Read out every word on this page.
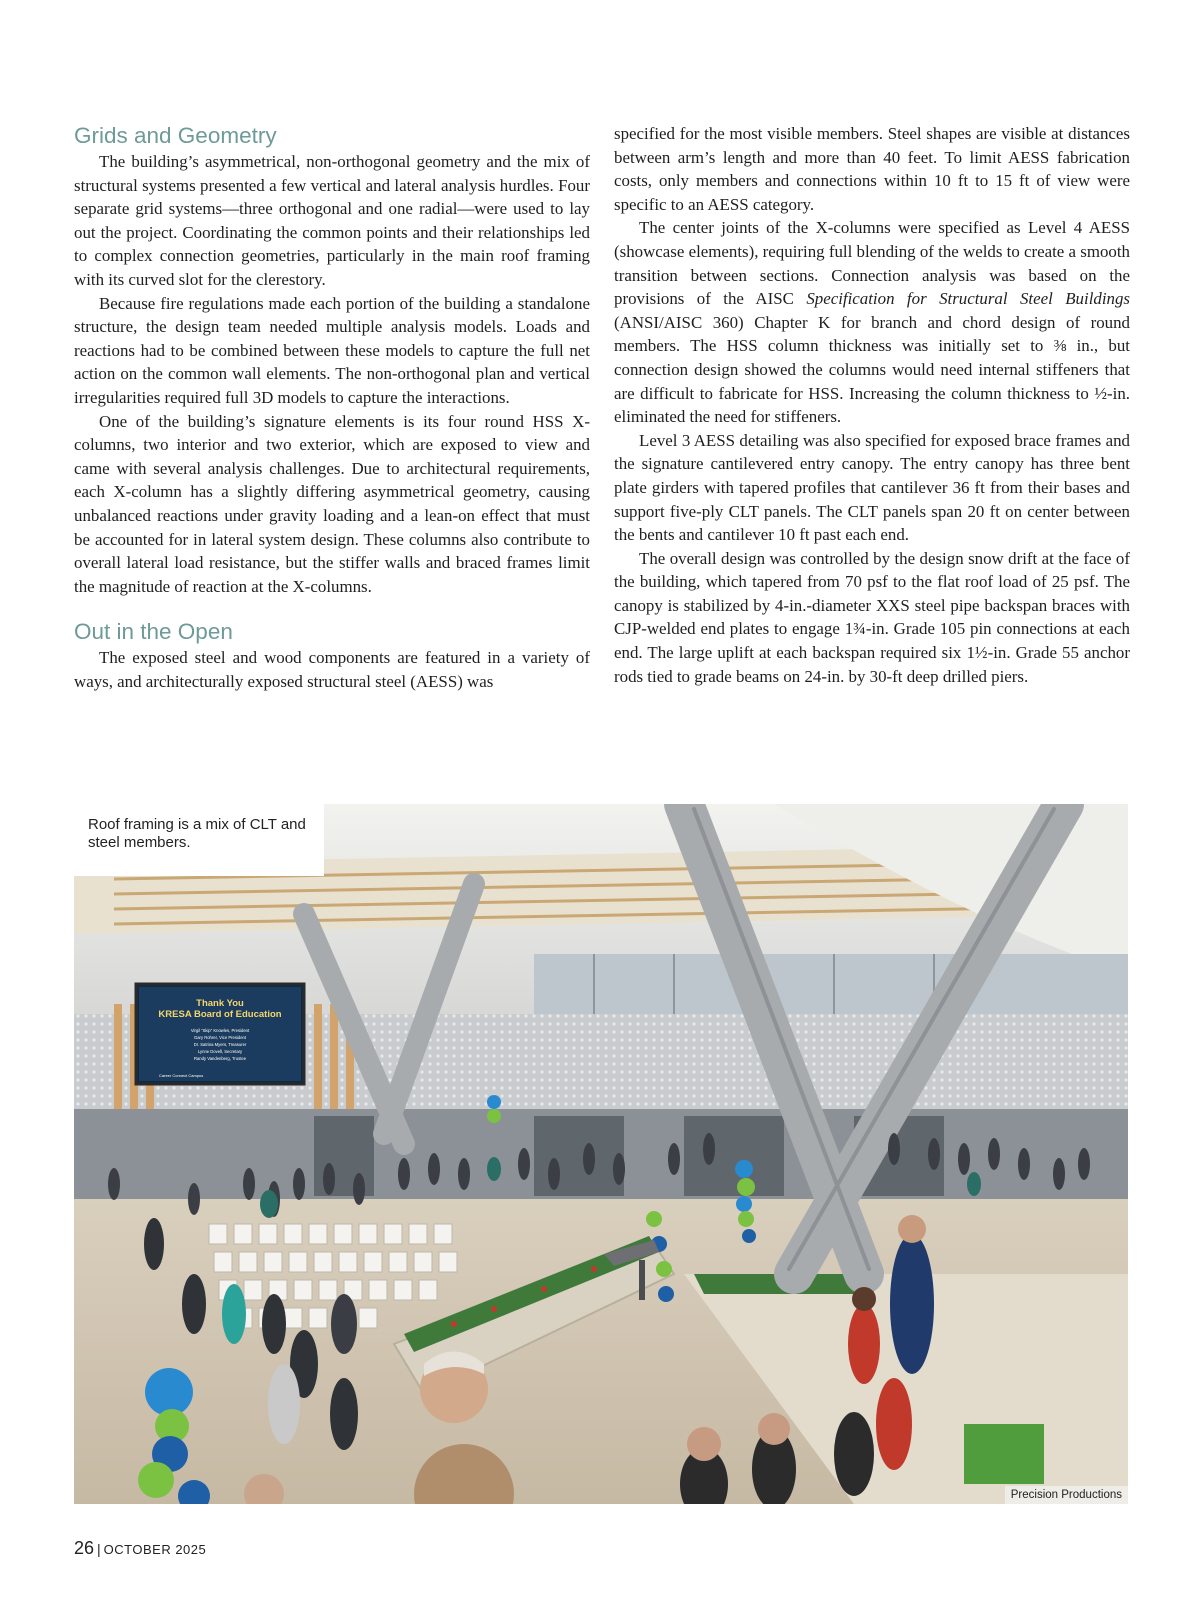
Grids and Geometry

The building’s asymmetrical, non-orthogonal geometry and the mix of structural systems presented a few vertical and lateral analysis hurdles. Four separate grid systems—three orthogonal and one radial—were used to lay out the project. Coordinating the common points and their relationships led to complex connection geometries, particularly in the main roof framing with its curved slot for the clerestory.

Because fire regulations made each portion of the building a standalone structure, the design team needed multiple analysis models. Loads and reactions had to be combined between these models to capture the full net action on the common wall elements. The non-orthogonal plan and vertical irregularities required full 3D models to capture the interactions.

One of the building’s signature elements is its four round HSS X-columns, two interior and two exterior, which are exposed to view and came with several analysis challenges. Due to architectural requirements, each X-column has a slightly differing asymmetrical geometry, causing unbalanced reactions under gravity loading and a lean-on effect that must be accounted for in lateral system design. These columns also contribute to overall lateral load resistance, but the stiffer walls and braced frames limit the magnitude of reaction at the X-columns.

Out in the Open

The exposed steel and wood components are featured in a variety of ways, and architecturally exposed structural steel (AESS) was

specified for the most visible members. Steel shapes are visible at distances between arm’s length and more than 40 feet. To limit AESS fabrication costs, only members and connections within 10 ft to 15 ft of view were specific to an AESS category.

The center joints of the X-columns were specified as Level 4 AESS (showcase elements), requiring full blending of the welds to create a smooth transition between sections. Connection analysis was based on the provisions of the AISC Specification for Structural Steel Buildings (ANSI/AISC 360) Chapter K for branch and chord design of round members. The HSS column thickness was initially set to ⅜ in., but connection design showed the columns would need internal stiffeners that are difficult to fabricate for HSS. Increasing the column thickness to ½-in. eliminated the need for stiffeners.

Level 3 AESS detailing was also specified for exposed brace frames and the signature cantilevered entry canopy. The entry canopy has three bent plate girders with tapered profiles that cantilever 36 ft from their bases and support five-ply CLT panels. The CLT panels span 20 ft on center between the bents and cantilever 10 ft past each end.

The overall design was controlled by the design snow drift at the face of the building, which tapered from 70 psf to the flat roof load of 25 psf. The canopy is stabilized by 4-in.-diameter XXS steel pipe backspan braces with CJP-welded end plates to engage 1¾-in. Grade 105 pin connections at each end. The large uplift at each backspan required six 1½-in. Grade 55 anchor rods tied to grade beams on 24-in. by 30-ft deep drilled piers.

Thank You KRESA Board of Education
Virgil “Skip” Knowles, President
Gary Rohrer, Vice President
Dr. Satrina Myers, Treasurer
Lynne Dovell, Secretary
Randy Vandenberg, Trustee
Career Connect Campus
Roof framing is a mix of CLT and steel members.
Precision Productions
26 | OCTOBER 2025
